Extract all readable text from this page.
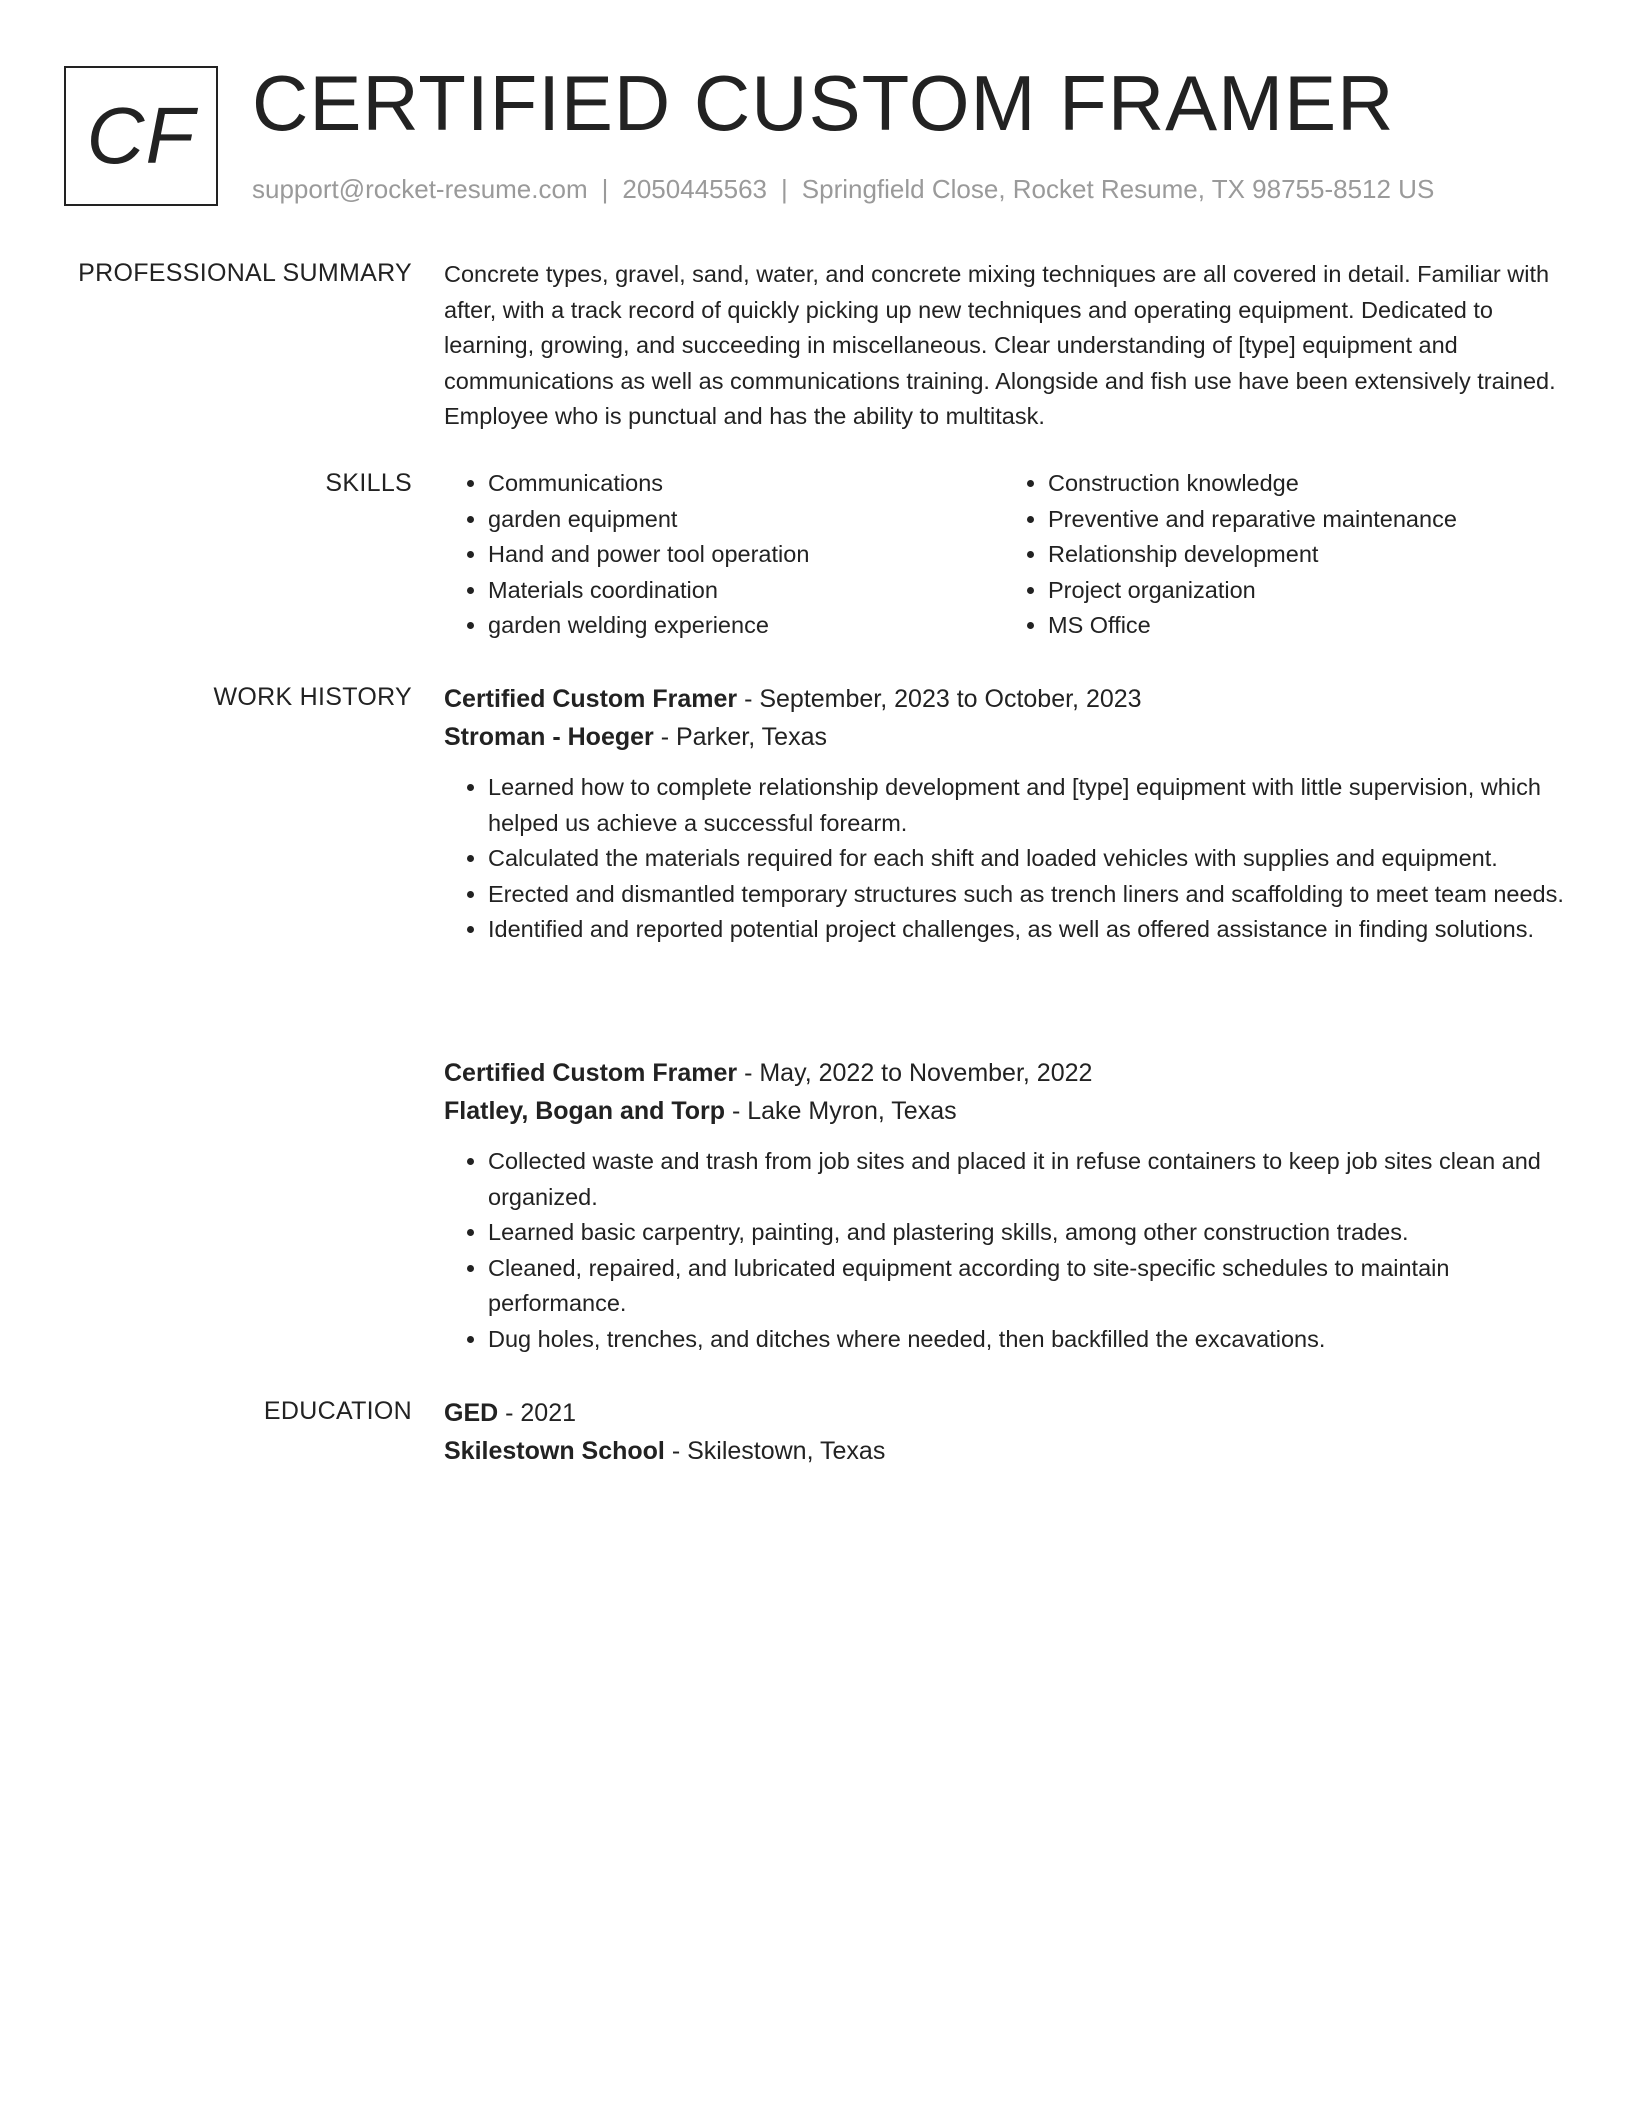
CF CERTIFIED CUSTOM FRAMER
support@rocket-resume.com | 2050445563 | Springfield Close, Rocket Resume, TX 98755-8512 US
PROFESSIONAL SUMMARY Concrete types, gravel, sand, water, and concrete mixing techniques are all covered in detail. Familiar with after, with a track record of quickly picking up new techniques and operating equipment. Dedicated to learning, growing, and succeeding in miscellaneous. Clear understanding of [type] equipment and communications as well as communications training. Alongside and fish use have been extensively trained. Employee who is punctual and has the ability to multitask.

SKILLS
•	Communications
• garden equipment
• Hand and power tool operation
• Materials coordination
• garden welding experience
• Construction knowledge
• Preventive and reparative maintenance
• Relationship development
• Project organization
• MS Office
WORK HISTORY Certified Custom Framer - September, 2023 to October, 2023
Stroman - Hoeger - Parker, Texas
• Learned how to complete relationship development and [type] equipment with little supervision, which helped us achieve a successful forearm.
• Calculated the materials required for each shift and loaded vehicles with supplies and equipment.
• Erected and dismantled temporary structures such as trench liners and scaffolding to meet team needs.
• Identified and reported potential project challenges, as well as offered assistance in finding solutions.
Certified Custom Framer - May, 2022 to November, 2022
Flatley, Bogan and Torp - Lake Myron, Texas
• Collected waste and trash from job sites and placed it in refuse containers to keep job sites clean and organized.
• Learned basic carpentry, painting, and plastering skills, among other construction trades.
• Cleaned, repaired, and lubricated equipment according to site-specific schedules to maintain performance.
• Dug holes, trenches, and ditches where needed, then backfilled the excavations.
EDUCATION GED - 2021
Skilestown School - Skilestown, Texas
